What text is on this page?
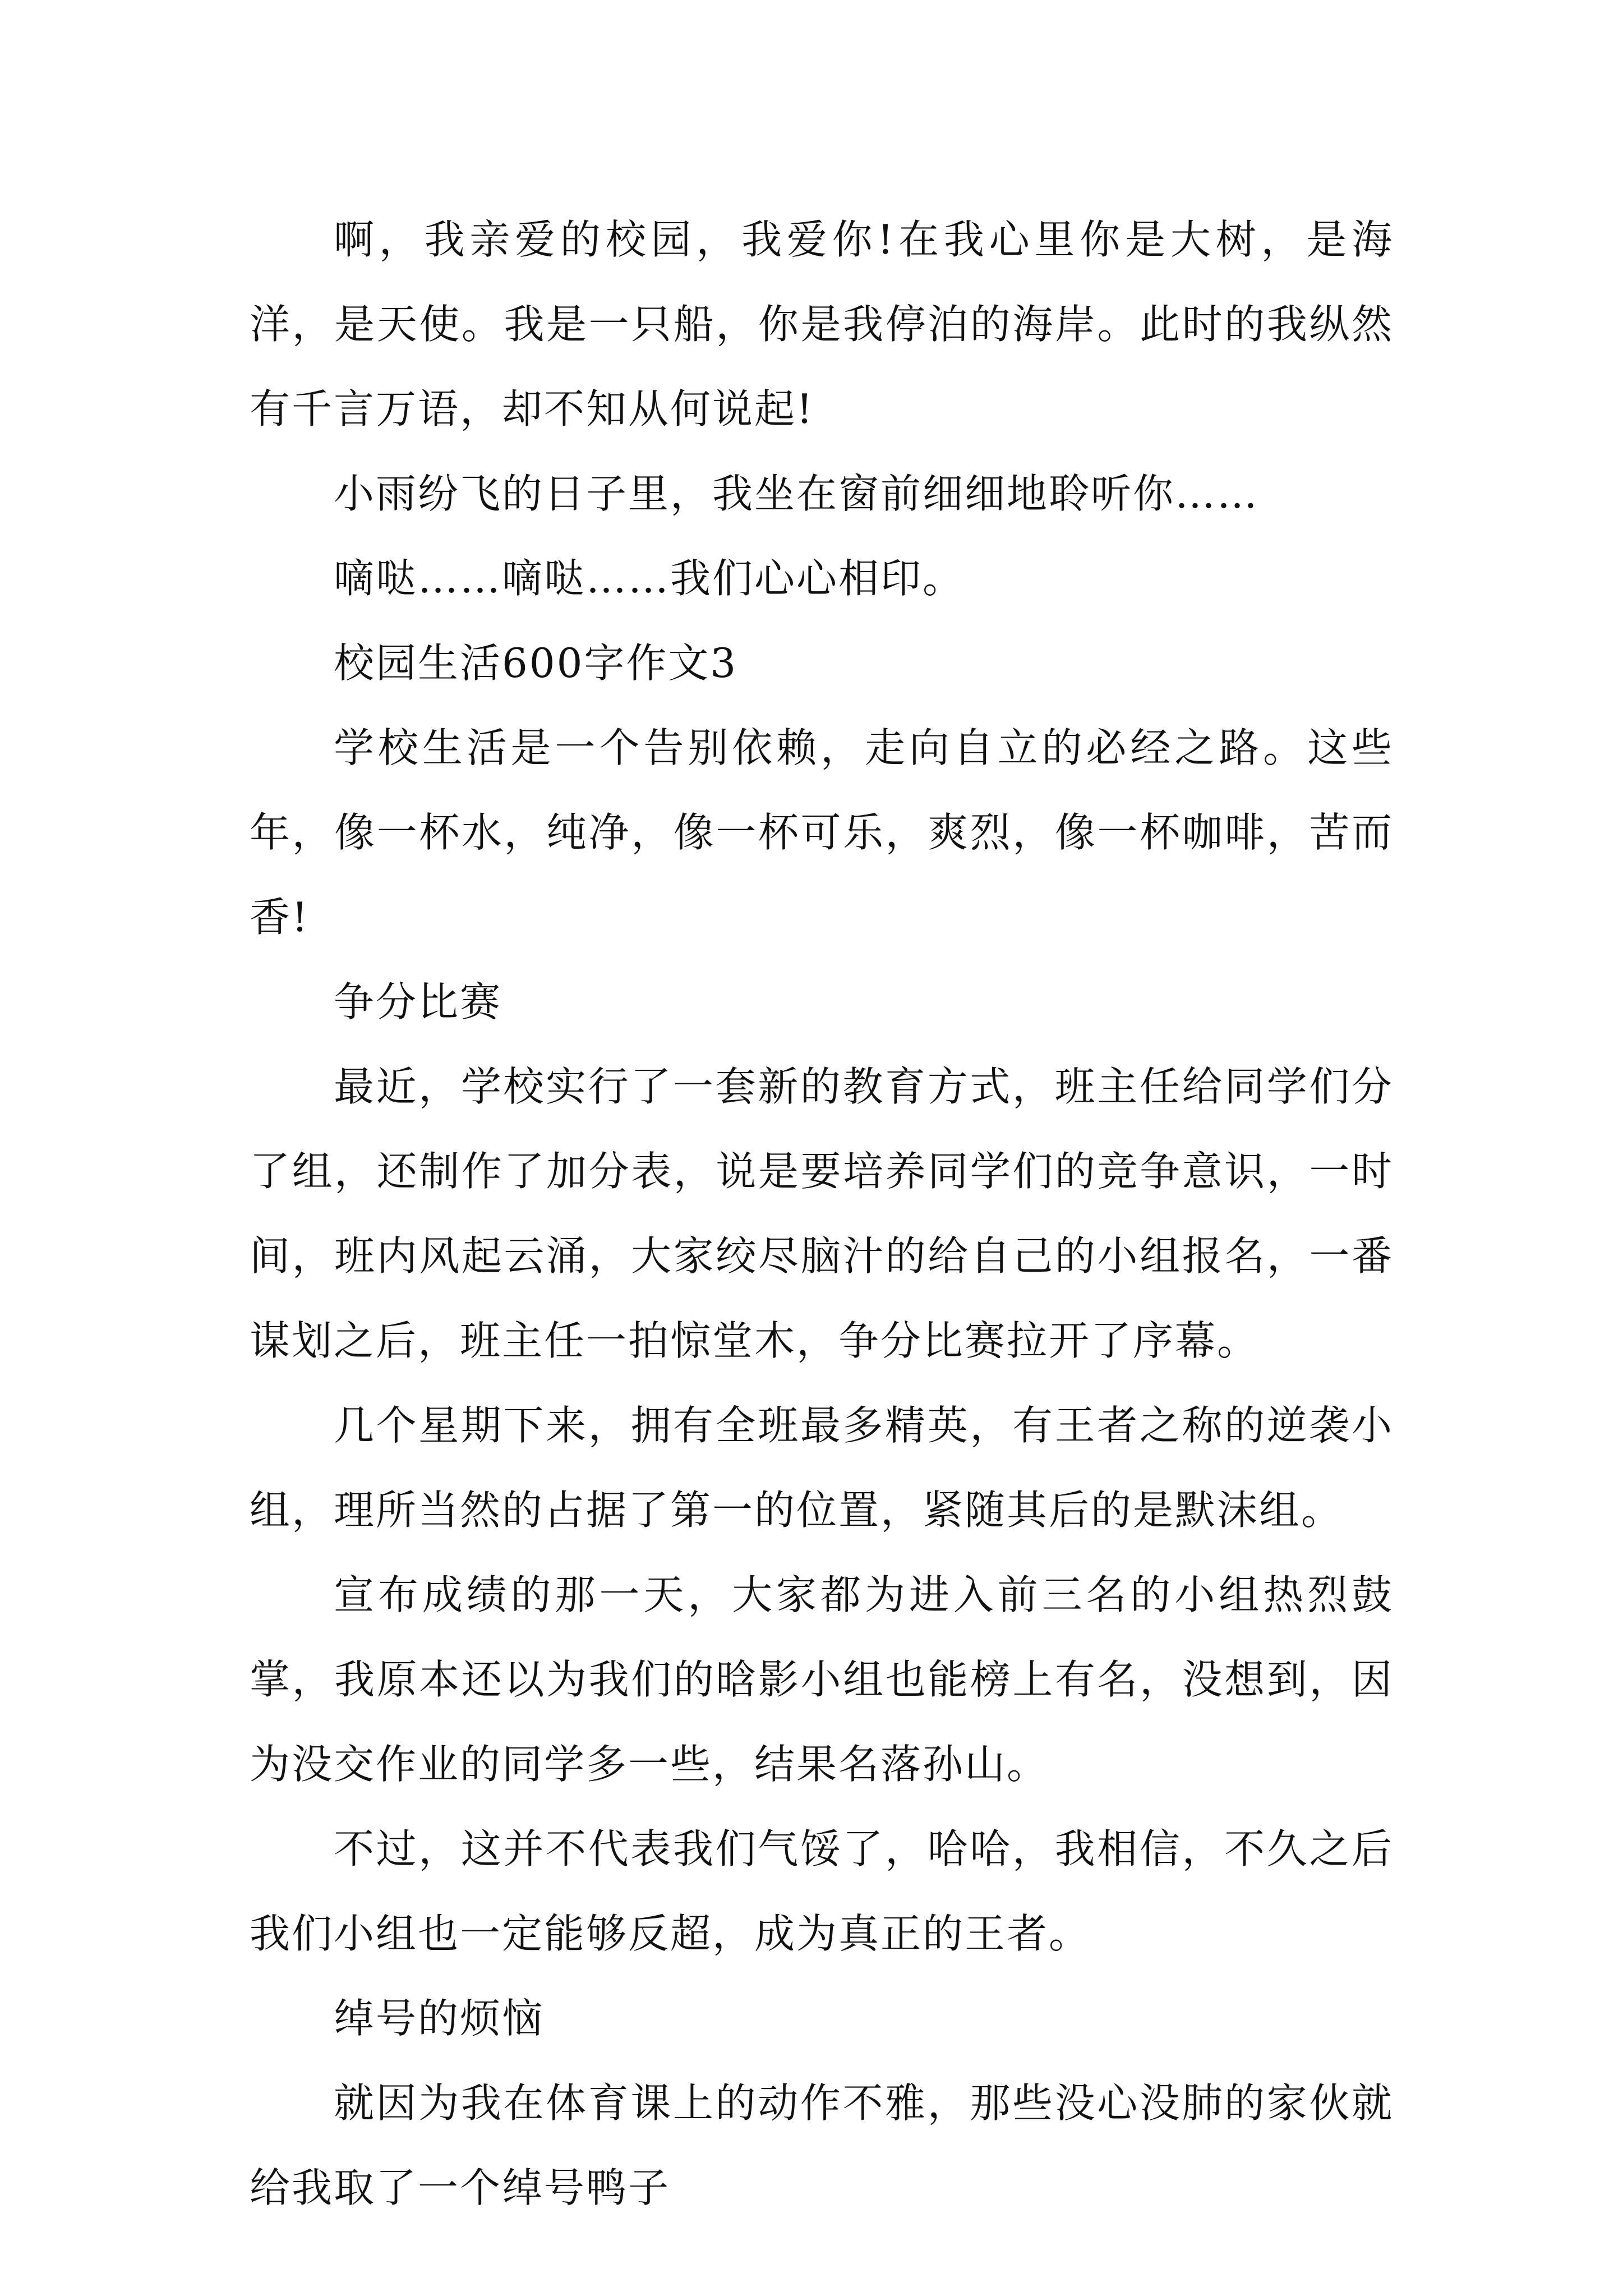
啊，我亲爱的校园，我爱你!在我心里你是大树，是海洋，是天使。我是一只船，你是我停泊的海岸。此时的我纵然有千言万语，却不知从何说起!

小雨纷飞的日子里，我坐在窗前细细地聆听你……

嘀哒……嘀哒……我们心心相印。

校园生活600字作文3

学校生活是一个告别依赖，走向自立的必经之路。这些年，像一杯水，纯净，像一杯可乐，爽烈，像一杯咖啡，苦而香!

争分比赛

最近，学校实行了一套新的教育方式，班主任给同学们分了组，还制作了加分表，说是要培养同学们的竞争意识，一时间，班内风起云涌，大家绞尽脑汁的给自己的小组报名，一番谋划之后，班主任一拍惊堂木，争分比赛拉开了序幕。

几个星期下来，拥有全班最多精英，有王者之称的逆袭小组，理所当然的占据了第一的位置，紧随其后的是默沫组。

宣布成绩的那一天，大家都为进入前三名的小组热烈鼓掌，我原本还以为我们的晗影小组也能榜上有名，没想到，因为没交作业的同学多一些，结果名落孙山。

不过，这并不代表我们气馁了，哈哈，我相信，不久之后我们小组也一定能够反超，成为真正的王者。

绰号的烦恼

就因为我在体育课上的动作不雅，那些没心没肺的家伙就给我取了一个绰号鸭子
